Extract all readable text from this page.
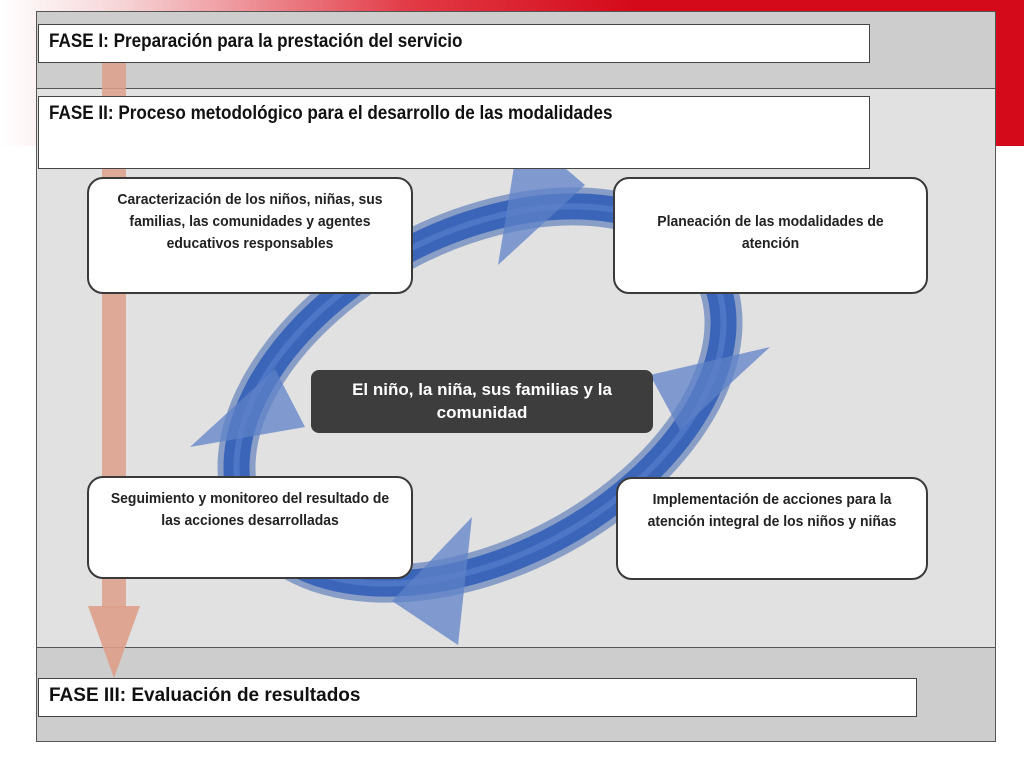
FASE I: Preparación para la prestación del servicio
FASE II: Proceso metodológico para el desarrollo de las modalidades
FASE III: Evaluación de resultados
Caracterización de los niños, niñas, sus familias, las comunidades y agentes educativos responsables
Planeación de las modalidades de atención
Seguimiento y monitoreo del resultado de las acciones desarrolladas
Implementación de acciones para la atención integral de los niños y niñas
El niño, la niña, sus familias y la comunidad
